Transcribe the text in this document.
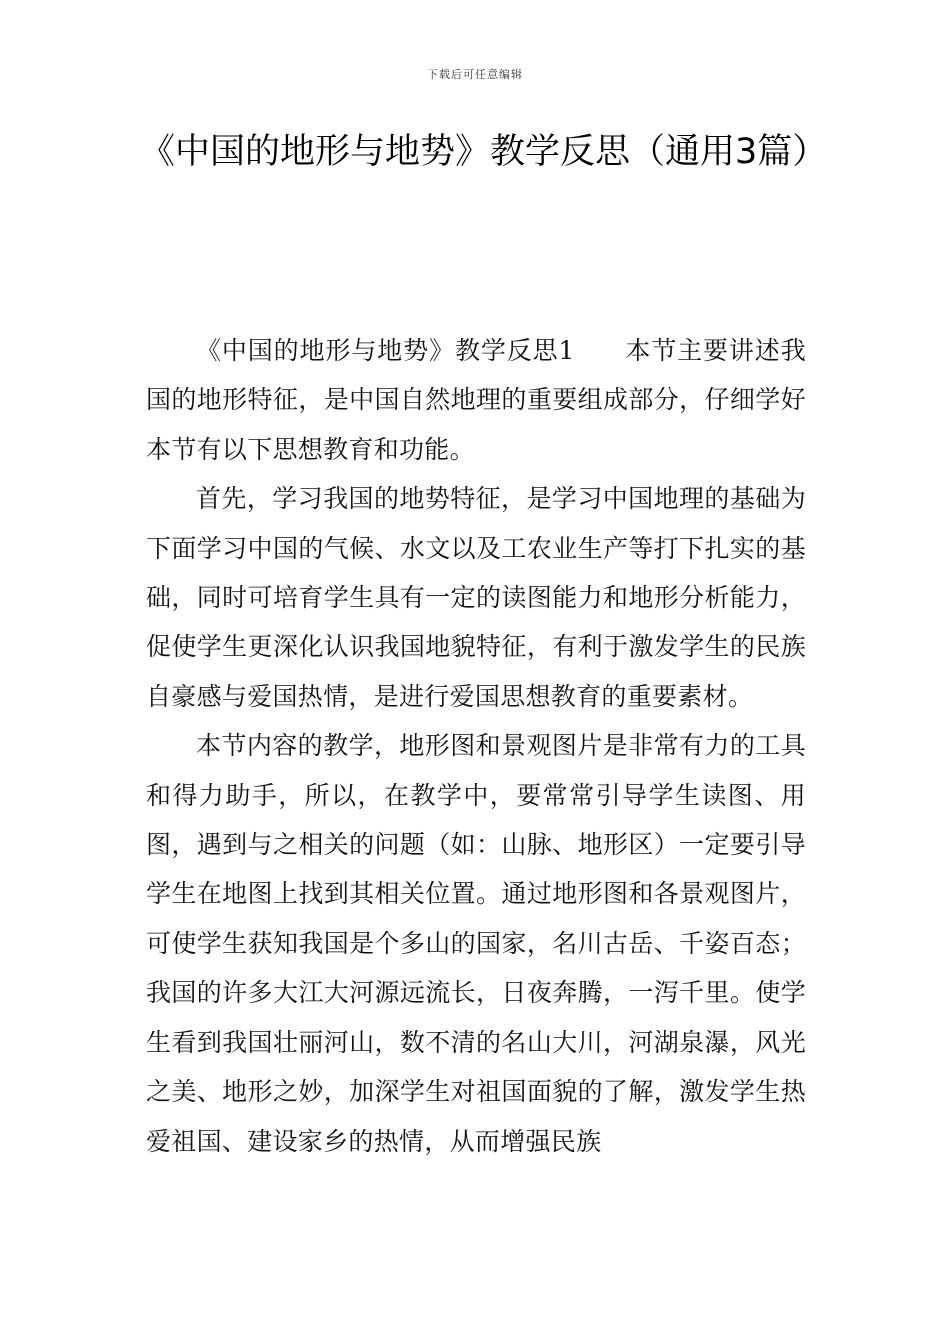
下载后可任意编辑
《中国的地形与地势》教学反思（通用3篇）

《中国的地形与地势》教学反思1 本节主要讲述我国的地形特征，是中国自然地理的重要组成部分，仔细学好本节有以下思想教育和功能。

首先，学习我国的地势特征，是学习中国地理的基础为下面学习中国的气候、水文以及工农业生产等打下扎实的基础，同时可培育学生具有一定的读图能力和地形分析能力，促使学生更深化认识我国地貌特征，有利于激发学生的民族自豪感与爱国热情，是进行爱国思想教育的重要素材。

本节内容的教学，地形图和景观图片是非常有力的工具和得力助手，所以，在教学中，要常常引导学生读图、用图，遇到与之相关的问题（如：山脉、地形区）一定要引导学生在地图上找到其相关位置。通过地形图和各景观图片，可使学生获知我国是个多山的国家，名川古岳、千姿百态；我国的许多大江大河源远流长，日夜奔腾，一泻千里。使学生看到我国壮丽河山，数不清的名山大川，河湖泉瀑，风光之美、地形之妙，加深学生对祖国面貌的了解，激发学生热爱祖国、建设家乡的热情，从而增强民族
